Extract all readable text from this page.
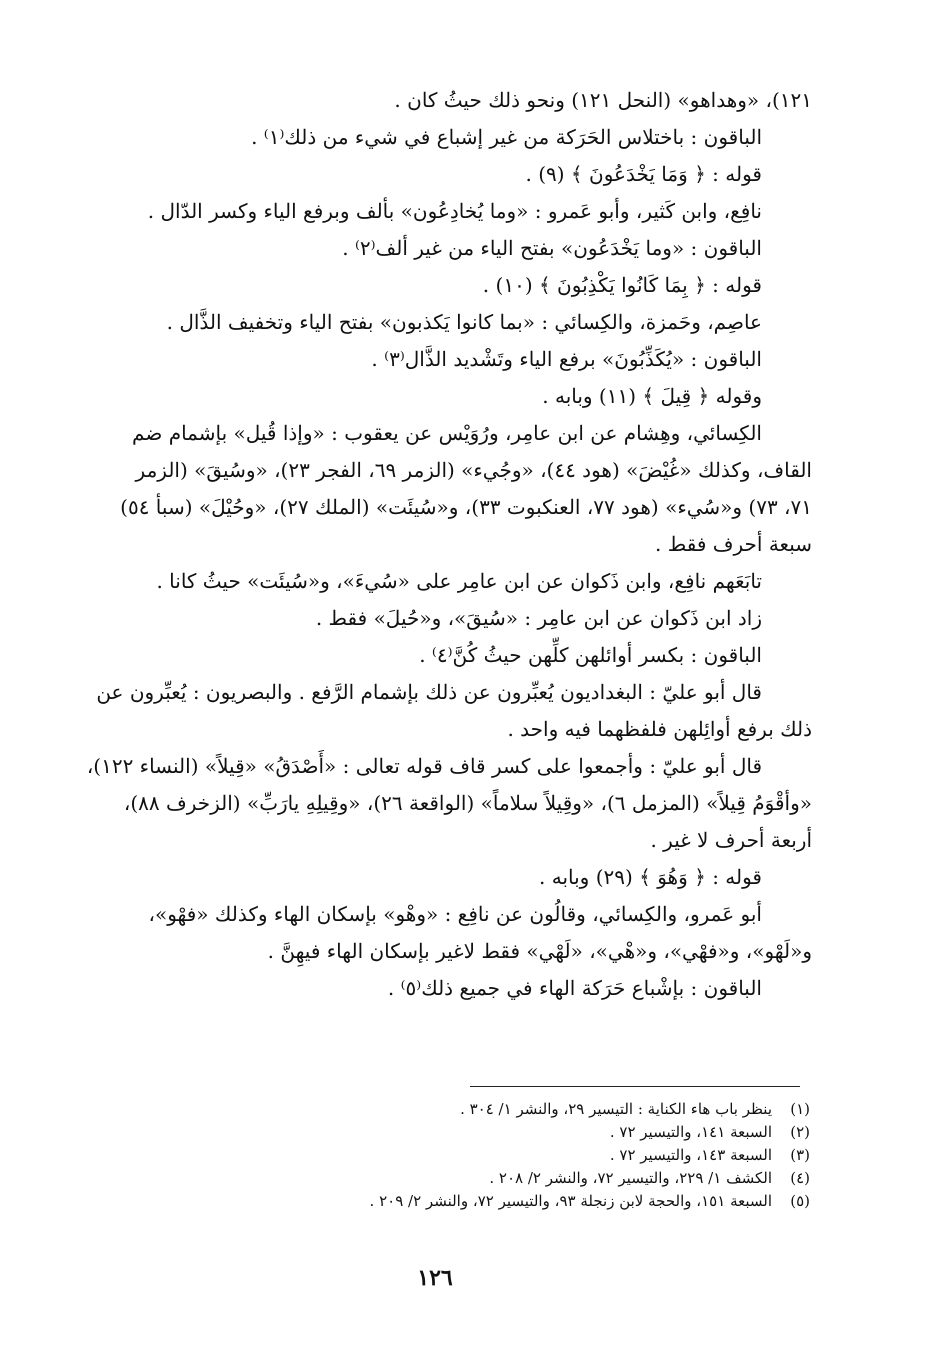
١٢١)، «وهداهو» (النحل ١٢١) ونحو ذلك حيثُ كان .
الباقون : باختلاس الحَرَكة من غير إشباع في شيء من ذلك⁽١⁾ .
قوله : ﴿ وَمَا يَخْدَعُونَ ﴾ (٩) .
نافِع، وابن كَثير، وأبو عَمرو : «وما يُخادِعُون» بألف وبرفع الياء وكسر الدّال .
الباقون : «وما يَخْدَعُون» بفتح الياء من غير ألف⁽٢⁾ .
قوله : ﴿ بِمَا كَانُوا يَكْذِبُونَ ﴾ (١٠) .
عاصِم، وحَمزة، والكِسائي : «بما كانوا يَكذبون» بفتح الياء وتخفيف الذَّال .
الباقون : «يُكَذِّبُونَ» برفع الياء وتَشْديد الذَّال⁽٣⁾ .
وقوله ﴿ قِيلَ ﴾ (١١) وبابه .
الكِسائي، وهِشام عن ابن عامِر، ورُوَيْس عن يعقوب : «وإذا قُيل» بإشمام ضم
القاف، وكذلك «غُيْضَ» (هود ٤٤)، «وجُيء» (الزمر ٦٩، الفجر ٢٣)، «وسُيقَ» (الزمر
٧١، ٧٣) و«سُيء» (هود ٧٧، العنكبوت ٣٣)، و«سُيئَت» (الملك ٢٧)، «وحُيْلَ» (سبأ ٥٤)
سبعة أحرف فقط .
تابَعَهم نافِع، وابن ذَكوان عن ابن عامِر على «سُيءَ»، و«سُيئَت» حيثُ كانا .
زاد ابن ذَكوان عن ابن عامِر : «سُيقَ»، و«حُيلَ» فقط .
الباقون : بكسر أوائلهن كلِّهن حيثُ كُنَّ⁽٤⁾ .
قال أبو عليّ : البغداديون يُعبِّرون عن ذلك بإشمام الرَّفع . والبصريون : يُعبِّرون عن
ذلك برفع أوائِلهن فلفظهما فيه واحد .
قال أبو عليّ : وأجمعوا على كسر قاف قوله تعالى : «أَصْدَقُ» «قِيلاً» (النساء ١٢٢)،
«وأقْوَمُ قِيلاً» (المزمل ٦)، «وقِيلاً سلاماً» (الواقعة ٢٦)، «وقِيلِهِ يارَبِّ» (الزخرف ٨٨)،
أربعة أحرف لا غير .
قوله : ﴿ وَهُوَ ﴾ (٢٩) وبابه .
أبو عَمرو، والكِسائي، وقالُون عن نافِع : «وهْو» بإسكان الهاء وكذلك «فهْو»،
و«لَهْو»، و«فهْي»، و«هْي»، «لَهْي» فقط لاغير بإسكان الهاء فيهِنَّ .
الباقون : بإشْباع حَرَكة الهاء في جميع ذلك⁽٥⁾ .
(١)
ينظر باب هاء الكناية : التيسير ٢٩، والنشر ١/ ٣٠٤ .
(٢)
السبعة ١٤١، والتيسير ٧٢ .
(٣)
السبعة ١٤٣، والتيسير ٧٢ .
(٤)
الكشف ١/ ٢٢٩، والتيسير ٧٢، والنشر ٢/ ٢٠٨ .
(٥)
السبعة ١٥١، والحجة لابن زنجلة ٩٣، والتيسير ٧٢، والنشر ٢/ ٢٠٩ .
١٢٦
